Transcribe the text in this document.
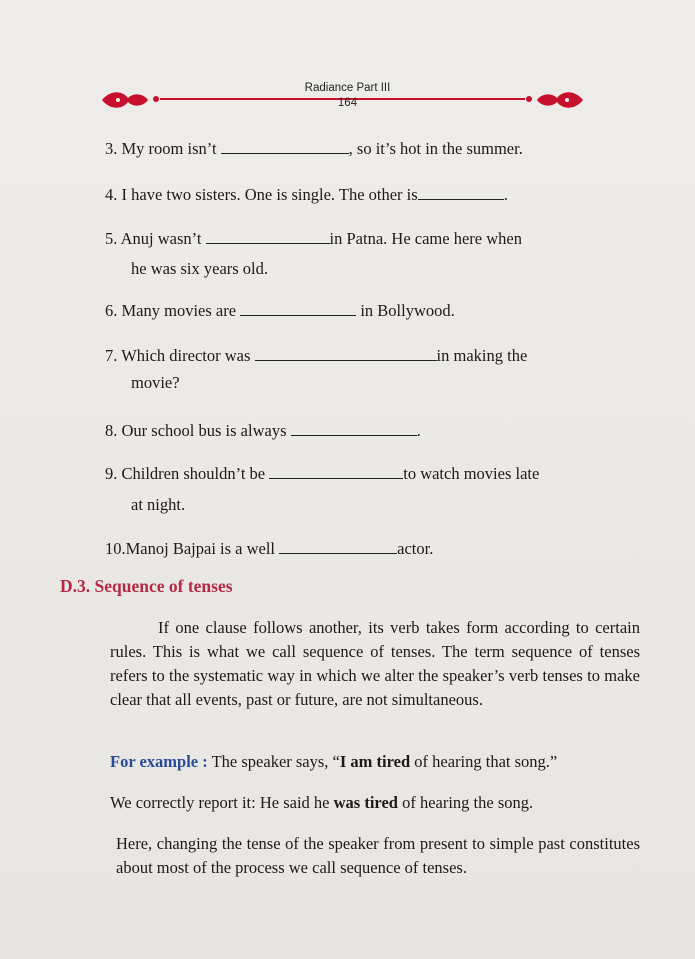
Radiance Part III
164
3. My room isn’t	, so it’s hot in the summer.
4. I have two sisters. One is single. The other is	.
5. Anuj wasn’t	in Patna. He came here when
he was six years old.
6. Many movies are	in Bollywood.
7. Which director was	in making the
movie?
8. Our school bus is always	.
9. Children shouldn’t be	to watch movies late
at night.
10.Manoj Bajpai is a well	actor.
D.3. Sequence of tenses
If one clause follows another, its verb takes form according to certain rules. This is what we call sequence of tenses. The term sequence of tenses refers to the systematic way in which we alter the speaker’s verb tenses to make clear that all events, past or future, are not simultaneous.
For example : The speaker says, “I am tired of hearing that song.”
We correctly report it: He said he was tired of hearing the song.
Here, changing the tense of the speaker from present to simple past constitutes about most of the process we call sequence of tenses.
